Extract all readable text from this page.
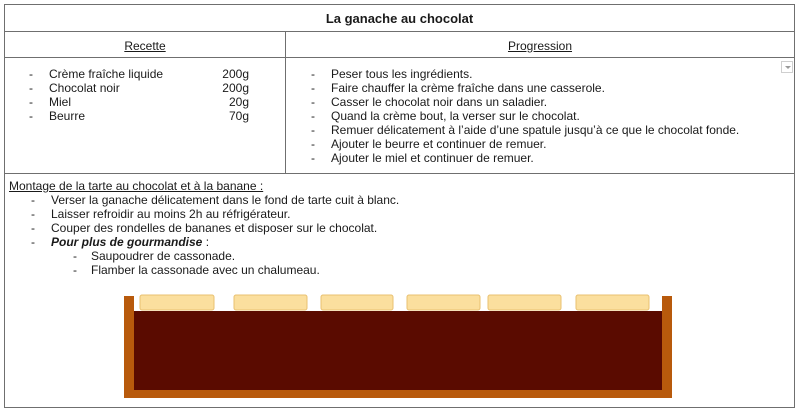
La ganache au chocolat
Recette	Progression
- Crème fraîche liquide	200g
- Chocolat noir	200g
- Miel	20g
- Beurre	70g
- Peser tous les ingrédients.
- Faire chauffer la crème fraîche dans une casserole.
- Casser le chocolat noir dans un saladier.
- Quand la crème bout, la verser sur le chocolat.
- Remuer délicatement à l’aide d’une spatule jusqu’à ce que le chocolat fonde.
- Ajouter le beurre et continuer de remuer.
- Ajouter le miel et continuer de remuer.
Montage de la tarte au chocolat et à la banane :
- Verser la ganache délicatement dans le fond de tarte cuit à blanc.
- Laisser refroidir au moins 2h au réfrigérateur.
- Couper des rondelles de bananes et disposer sur le chocolat.
- Pour plus de gourmandise :
- Saupoudrer de cassonade.
- Flamber la cassonade avec un chalumeau.
